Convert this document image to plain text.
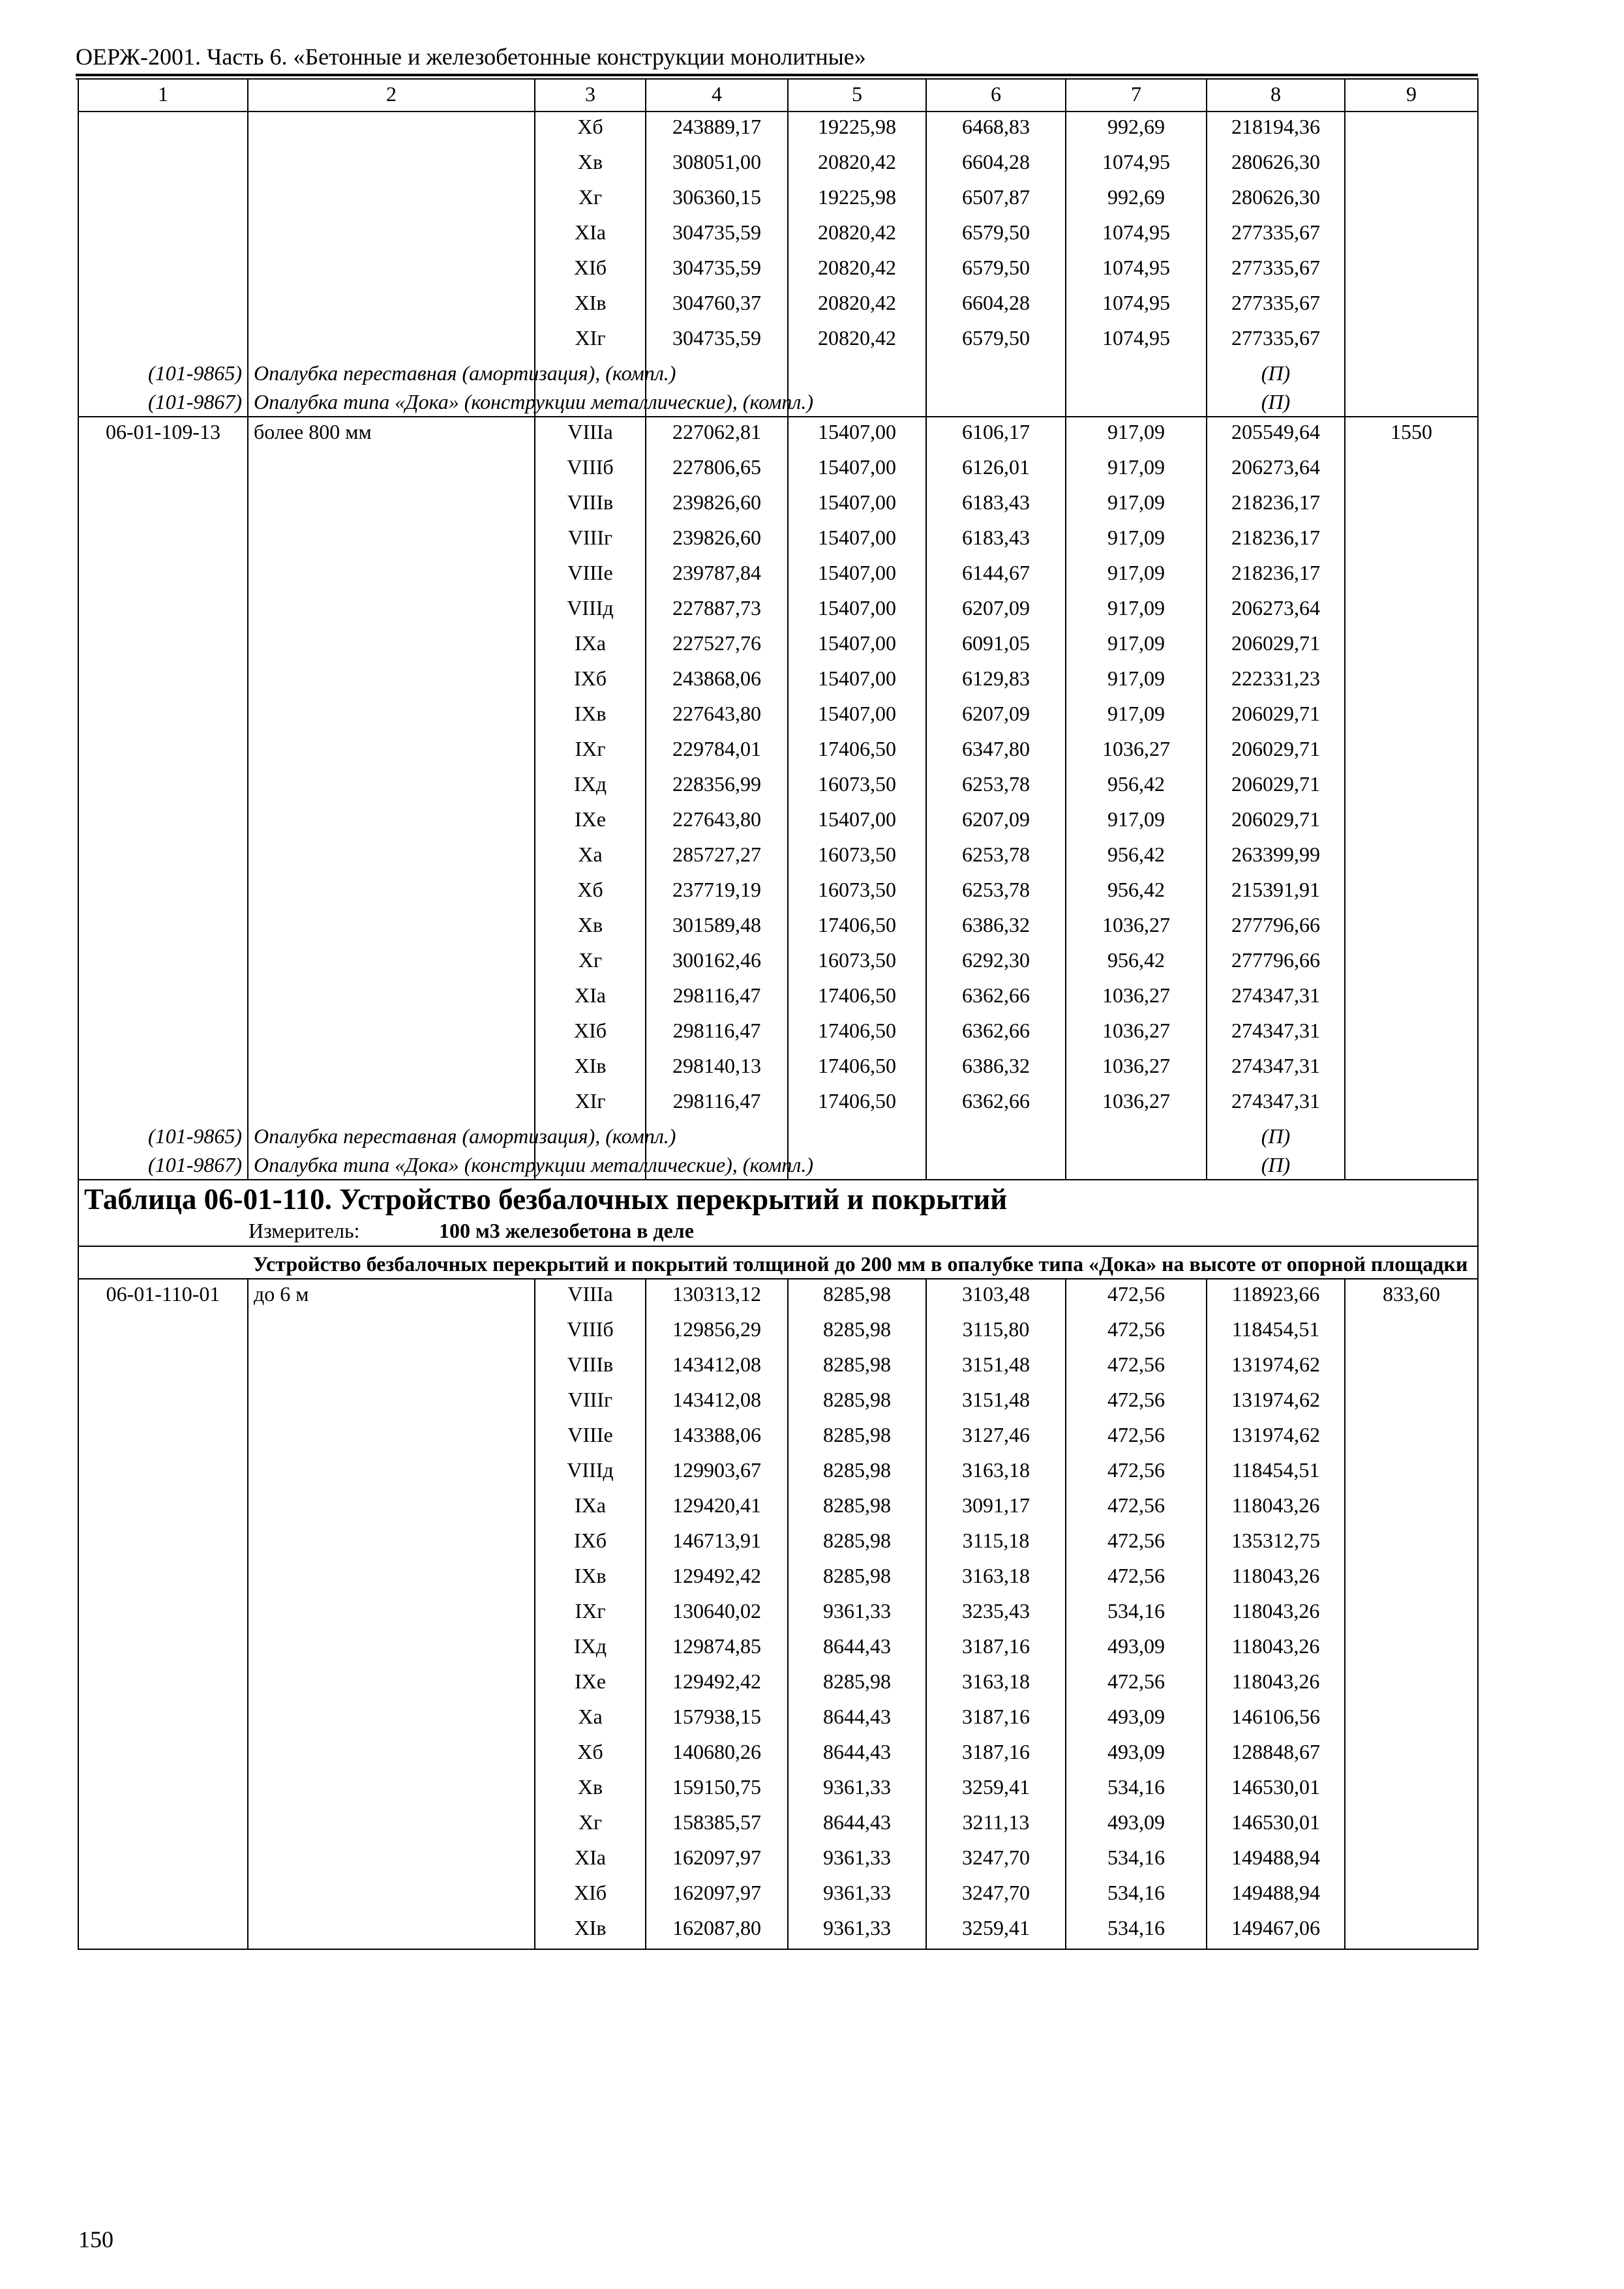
ОЕРЖ-2001. Часть 6. «Бетонные и железобетонные конструкции монолитные»
1	2	3	4	5	6	7	8	9
		Хб	243889,17	19225,98	6468,83	992,69	218194,36	
		Хв	308051,00	20820,42	6604,28	1074,95	280626,30	
		Хг	306360,15	19225,98	6507,87	992,69	280626,30	
		XIa	304735,59	20820,42	6579,50	1074,95	277335,67	
		XIб	304735,59	20820,42	6579,50	1074,95	277335,67	
		XIв	304760,37	20820,42	6604,28	1074,95	277335,67	
		XIг	304735,59	20820,42	6579,50	1074,95	277335,67	
(101-9865)	Опалубка переставная (амортизация), (компл.)						(П)	
(101-9867)	Опалубка типа «Дока» (конструкции металлические), (компл.)						(П)	
06-01-109-13	более 800 мм	VIIIa	227062,81	15407,00	6106,17	917,09	205549,64	1550
		VIIIб	227806,65	15407,00	6126,01	917,09	206273,64	
		VIIIв	239826,60	15407,00	6183,43	917,09	218236,17	
		VIIIг	239826,60	15407,00	6183,43	917,09	218236,17	
		VIIIе	239787,84	15407,00	6144,67	917,09	218236,17	
		VIIIд	227887,73	15407,00	6207,09	917,09	206273,64	
		IXa	227527,76	15407,00	6091,05	917,09	206029,71	
		IXб	243868,06	15407,00	6129,83	917,09	222331,23	
		IXв	227643,80	15407,00	6207,09	917,09	206029,71	
		IXг	229784,01	17406,50	6347,80	1036,27	206029,71	
		IXд	228356,99	16073,50	6253,78	956,42	206029,71	
		IXе	227643,80	15407,00	6207,09	917,09	206029,71	
		Xa	285727,27	16073,50	6253,78	956,42	263399,99	
		Хб	237719,19	16073,50	6253,78	956,42	215391,91	
		Хв	301589,48	17406,50	6386,32	1036,27	277796,66	
		Хг	300162,46	16073,50	6292,30	956,42	277796,66	
		XIa	298116,47	17406,50	6362,66	1036,27	274347,31	
		XIб	298116,47	17406,50	6362,66	1036,27	274347,31	
		XIв	298140,13	17406,50	6386,32	1036,27	274347,31	
		XIг	298116,47	17406,50	6362,66	1036,27	274347,31	
(101-9865)	Опалубка переставная (амортизация), (компл.)						(П)	
(101-9867)	Опалубка типа «Дока» (конструкции металлические), (компл.)						(П)	

Таблица 06-01-110. Устройство безбалочных перекрытий и покрытий
Измеритель: 100 м3 железобетона в деле								

	Устройство безбалочных перекрытий и покрытий толщиной до 200 мм в опалубке типа «Дока» на высоте от опорной площадки							
06-01-110-01	до 6 м	VIIIa	130313,12	8285,98	3103,48	472,56	118923,66	833,60
		VIIIб	129856,29	8285,98	3115,80	472,56	118454,51	
		VIIIв	143412,08	8285,98	3151,48	472,56	131974,62	
		VIIIг	143412,08	8285,98	3151,48	472,56	131974,62	
		VIIIе	143388,06	8285,98	3127,46	472,56	131974,62	
		VIIIд	129903,67	8285,98	3163,18	472,56	118454,51	
		IXa	129420,41	8285,98	3091,17	472,56	118043,26	
		IXб	146713,91	8285,98	3115,18	472,56	135312,75	
		IXв	129492,42	8285,98	3163,18	472,56	118043,26	
		IXг	130640,02	9361,33	3235,43	534,16	118043,26	
		IXд	129874,85	8644,43	3187,16	493,09	118043,26	
		IXе	129492,42	8285,98	3163,18	472,56	118043,26	
		Xa	157938,15	8644,43	3187,16	493,09	146106,56	
		Хб	140680,26	8644,43	3187,16	493,09	128848,67	
		Хв	159150,75	9361,33	3259,41	534,16	146530,01	
		Хг	158385,57	8644,43	3211,13	493,09	146530,01	
		XIa	162097,97	9361,33	3247,70	534,16	149488,94	
		XIб	162097,97	9361,33	3247,70	534,16	149488,94	
		XIв	162087,80	9361,33	3259,41	534,16	149467,06	
150
